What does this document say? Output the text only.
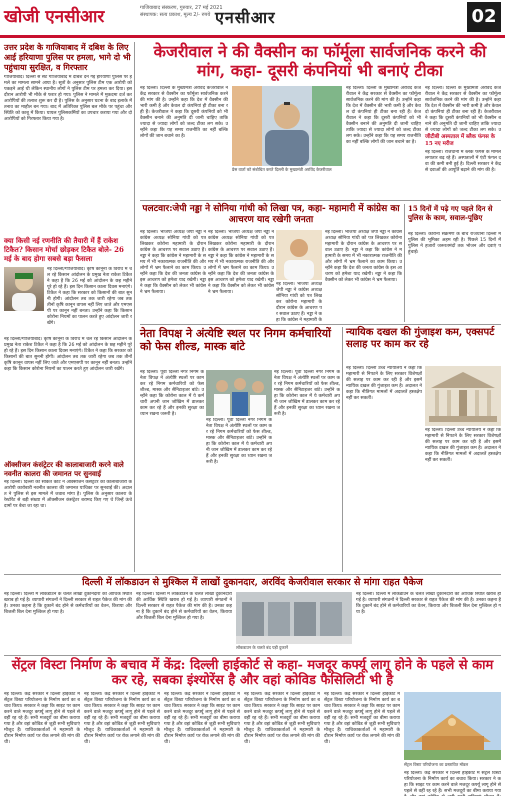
खोजी एनसीआर	गाजियाबाद संस्करण, गुरुवार, 27 मई 2021
संस्थापक: सत्य प्रकाश, मूल्य 2/- रुपये एनसीआर	02
उत्तर प्रदेश के गाजियाबाद में दबिश के लिए आई हरियाणा पुलिस पर हमला, भागे दो भी पहुंचाया सुरक्षित, व गिरफ्तार
गाजियाबाद। दिल्ली से सटे गाजियाबाद में दबिश देने गई हरियाणा पुलिस पर हमले का मामला सामने आया है। सूत्रों के अनुसार पुलिस टीम एक आरोपी को पकड़ने आई थी लेकिन स्थानीय लोगों ने पुलिस टीम पर हमला कर दिया। इस दौरान आरोपी भी मौके से फरार हो गया। पुलिस ने मामले में मुकदमा दर्ज कर आरोपियों की तलाश शुरू कर दी है। पुलिस के अनुसार घटना के बाद इलाके में तनाव का माहौल बन गया। बाद में अतिरिक्त पुलिस बल मौके पर पहुंचा और स्थिति को काबू में किया। घायल पुलिसकर्मियों का उपचार कराया गया और दो आरोपियों को गिरफ्तार किया गया है।
क्या किसी नई रणनीति की तैयारी में हैं राकेश टिकैत? किसान मोर्चा छोड़कर टिकैत बोले- 26 मई के बाद होगा सबसे बड़ा फैसला
नई दिल्ली/गाजियाबाद। कृषि कानूनों के विरोध में चल रहे किसान आंदोलन के प्रमुख नेता राकेश टिकैत ने कहा है कि 26 मई को आंदोलन के छह महीने पूरे हो रहे हैं। इस दिन किसान काला दिवस मनाएंगे। टिकैत ने कहा कि सरकार को किसानों की बात सुननी होगी। आंदोलन तब तक जारी रहेगा जब तक तीनों कृषि कानून वापस नहीं लिए जाते और एमएसपी पर कानून नहीं बनता। उन्होंने कहा कि किसान कोरोना नियमों का पालन करते हुए आंदोलन जारी रखेंगे।
नई दिल्ली/गाजियाबाद। कृषि कानूनों के विरोध में चल रहे किसान आंदोलन के प्रमुख नेता राकेश टिकैत ने कहा है कि 26 मई को आंदोलन के छह महीने पूरे हो रहे हैं। इस दिन किसान काला दिवस मनाएंगे। टिकैत ने कहा कि सरकार को किसानों की बात सुननी होगी। आंदोलन तब तक जारी रहेगा जब तक तीनों कृषि कानून वापस नहीं लिए जाते और एमएसपी पर कानून नहीं बनता। उन्होंने कहा कि किसान कोरोना नियमों का पालन करते हुए आंदोलन जारी रखेंगे।
ऑक्सीजन कंसंट्रेटर की कालाबाजारी करने वाले नवनीत कालरा की जमानत पर सुनवाई
नई दिल्ली। दिल्ली की साकेत कोर्ट ने ऑक्सीजन कंसंट्रेटर की कालाबाजारी के आरोपी कारोबारी नवनीत कालरा की जमानत याचिका पर सुनवाई की। अदालत ने पुलिस से इस मामले में जवाब मांगा है। पुलिस के अनुसार कालरा के रेस्टोरेंट से बड़ी संख्या में ऑक्सीजन कंसंट्रेटर बरामद किए गए थे जिन्हें ऊंचे दामों पर बेचा जा रहा था।
केजरीवाल ने की वैक्सीन का फॉर्मूला सार्वजनिक करने की मांग, कहा- दूसरी कंपनियां भी बनाएं टीका
नई दिल्ली। दिल्ली के मुख्यमंत्री अरविंद केजरीवाल ने केंद्र सरकार से वैक्सीन का फॉर्मूला सार्वजनिक करने की मांग की है। उन्होंने कहा कि देश में वैक्सीन की भारी कमी है और केवल दो कंपनियां ही टीका बना रही हैं। केजरीवाल ने कहा कि दूसरी कंपनियों को भी वैक्सीन बनाने की अनुमति दी जानी चाहिए ताकि ज्यादा से ज्यादा लोगों को जल्द टीका लग सके। उन्होंने कहा कि यह समय राजनीति का नहीं बल्कि लोगों की जान बचाने का है।
प्रेस वार्ता को संबोधित करते दिल्ली के मुख्यमंत्री अरविंद केजरीवाल
नई दिल्ली। दिल्ली के मुख्यमंत्री अरविंद केजरीवाल ने केंद्र सरकार से वैक्सीन का फॉर्मूला सार्वजनिक करने की मांग की है। उन्होंने कहा कि देश में वैक्सीन की भारी कमी है और केवल दो कंपनियां ही टीका बना रही हैं। केजरीवाल ने कहा कि दूसरी कंपनियों को भी वैक्सीन बनाने की अनुमति दी जानी चाहिए ताकि ज्यादा से ज्यादा लोगों को जल्द टीका लग सके। उन्होंने कहा कि यह समय राजनीति का नहीं बल्कि लोगों की जान बचाने का है।
नई दिल्ली। दिल्ली के मुख्यमंत्री अरविंद केजरीवाल ने केंद्र सरकार से वैक्सीन का फॉर्मूला सार्वजनिक करने की मांग की है। उन्होंने कहा कि देश में वैक्सीन की भारी कमी है और केवल दो कंपनियां ही टीका बना रही हैं। केजरीवाल ने कहा कि दूसरी कंपनियों को भी वैक्सीन बनाने की अनुमति दी जानी चाहिए ताकि ज्यादा से ज्यादा लोगों को जल्द टीका लग सके। उ
जीटीबी अस्पताल में ब्लैक फंगस के 15 नए मरीज
नई दिल्ली। राजधानी में ब्लैक फंगस के मामले लगातार बढ़ रहे हैं। अस्पतालों में एंटी फंगल दवा की कमी बनी हुई है। दिल्ली सरकार ने केंद्र से दवाओं की आपूर्ति बढ़ाने की मांग की है।
पलटवार:जेपी नड्डा ने सोनिया गांधी को लिखा पत्र, कहा- महामारी में कांग्रेस का आचरण याद रखेगी जनता
नई दिल्ली। भाजपा अध्यक्ष जेपी नड्डा ने कांग्रेस अध्यक्ष सोनिया गांधी को पत्र लिखकर कोरोना महामारी के दौरान कांग्रेस के आचरण पर सवाल उठाए हैं। नड्डा ने कहा कि कांग्रेस ने महामारी के समय में भी नकारात्मक राजनीति की और लोगों में भ्रम फैलाने का काम किया। उन्होंने कहा कि देश की जनता कांग्रेस के इस आचरण को हमेशा याद रखेगी। नड्डा ने कहा कि वैक्सीन को लेकर भी कांग्रेस ने भ्रम फैलाया।
नई दिल्ली। भाजपा अध्यक्ष जेपी नड्डा ने कांग्रेस अध्यक्ष सोनिया गांधी को पत्र लिखकर कोरोना महामारी के दौरान कांग्रेस के आचरण पर सवाल उठाए हैं। नड्डा ने कहा कि कांग्रेस ने महामारी के समय में भी नकारात्मक राजनीति की और लोगों में भ्रम फैलाने का काम किया। उन्होंने कहा कि देश की जनता कांग्रेस के इस आचरण को हमेशा याद रखेगी। नड्डा ने कहा कि वैक्सीन को लेकर भी कांग्रेस ने भ्रम फैलाया।
नई दिल्ली। भाजपा अध्यक्ष जेपी नड्डा ने कांग्रेस अध्यक्ष सोनिया गांधी को पत्र लिखकर कोरोना महामारी के दौरान कांग्रेस के आचरण पर सवाल उठाए हैं। नड्डा ने कहा कि कांग्रेस ने महामारी के
नई दिल्ली। भाजपा अध्यक्ष जेपी नड्डा ने कांग्रेस अध्यक्ष सोनिया गांधी को पत्र लिखकर कोरोना महामारी के दौरान कांग्रेस के आचरण पर सवाल उठाए हैं। नड्डा ने कहा कि कांग्रेस ने महामारी के समय में भी नकारात्मक राजनीति की और लोगों में भ्रम फैलाने का काम किया। उन्होंने कहा कि देश की जनता कांग्रेस के इस आचरण को हमेशा याद रखेगी। नड्डा ने कहा कि वैक्सीन को लेकर भी कांग्रेस ने भ्रम फैलाया।
15 दिनों में पढ़े गए पहले दिन से पुलिस के काम, सवाल-पूछिए
नई दिल्ली। कोरोना संक्रमण के बीच राजधानी दिल्ली में पुलिस की भूमिका अहम रही है। पिछले 15 दिनों में पुलिस ने हजारों जरूरतमंदों तक भोजन और दवाएं पहुंचाईं।
नेता विपक्ष ने अंत्येष्टि स्थल पर निगम कर्मचारियों को फेस शील्ड, मास्क बांटे
नई दिल्ली। पूर्वी दिल्ली नगर निगम के नेता विपक्ष ने अंत्येष्टि स्थलों पर काम कर रहे निगम कर्मचारियों को फेस शील्ड, मास्क और सैनिटाइजर बांटे। उन्होंने कहा कि कोरोना काल में ये कर्मचारी अपनी जान जोखिम में डालकर काम कर रहे हैं और इनकी सुरक्षा का ध्यान रखना जरूरी है।
नई दिल्ली। पूर्वी दिल्ली नगर निगम के नेता विपक्ष ने अंत्येष्टि स्थलों पर काम कर रहे निगम कर्मचारियों को फेस शील्ड, मास्क और सैनिटाइजर बांटे। उन्होंने कहा कि कोरोना काल में ये कर्मचारी अपनी जान जोखिम में डालकर काम कर रहे हैं और इनकी सुरक्षा का ध्यान रखना जरूरी है।
नई दिल्ली। पूर्वी दिल्ली नगर निगम के नेता विपक्ष ने अंत्येष्टि स्थलों पर काम कर रहे निगम कर्मचारियों को फेस शील्ड, मास्क और सैनिटाइजर बांटे। उन्होंने कहा कि कोरोना काल में ये कर्मचारी अपनी जान जोखिम में डालकर काम कर रहे हैं और इनकी सुरक्षा का ध्यान रखना जरूरी है।
न्यायिक दखल की गुंजाइश कम, एक्सपर्ट सलाह पर काम कर रहे
नई दिल्ली। दिल्ली उच्च न्यायालय ने कहा कि महामारी से निपटने के लिए सरकार विशेषज्ञों की सलाह पर काम कर रही है और इसमें न्यायिक दखल की गुंजाइश कम है। अदालत ने कहा कि नीतिगत मामलों में अदालतें हस्तक्षेप नहीं कर सकतीं।
नई दिल्ली। दिल्ली उच्च न्यायालय ने कहा कि महामारी से निपटने के लिए सरकार विशेषज्ञों की सलाह पर काम कर रही है और इसमें न्यायिक दखल की गुंजाइश कम है। अदालत ने कहा कि नीतिगत मामलों में अदालतें हस्तक्षेप नहीं कर सकतीं।
दिल्ली में लॉकडाउन से मुश्किल में लाखों दुकानदार, अरविंद केजरीवाल सरकार से मांगा राहत पैकेज
नई दिल्ली। दिल्ली में लॉकडाउन के चलते लाखों दुकानदारों की आर्थिक स्थिति खराब हो गई है। व्यापारी संगठनों ने दिल्ली सरकार से राहत पैकेज की मांग की है। उनका कहना है कि दुकानें बंद होने से कर्मचारियों का वेतन, किराया और बिजली बिल देना मुश्किल हो गया है।
नई दिल्ली। दिल्ली में लॉकडाउन के चलते लाखों दुकानदारों की आर्थिक स्थिति खराब हो गई है। व्यापारी संगठनों ने दिल्ली सरकार से राहत पैकेज की मांग की है। उनका कहना है कि दुकानें बंद होने से कर्मचारियों का वेतन, किराया और बिजली बिल देना मुश्किल हो गया है।
लॉकडाउन के चलते बंद पड़ी दुकानें
नई दिल्ली। दिल्ली में लॉकडाउन के चलते लाखों दुकानदारों की आर्थिक स्थिति खराब हो गई है। व्यापारी संगठनों ने दिल्ली सरकार से राहत पैकेज की मांग की है। उनका कहना है कि दुकानें बंद होने से कर्मचारियों का वेतन, किराया और बिजली बिल देना मुश्किल हो गया है।
सेंट्रल विस्टा निर्माण के बचाव में केंद्र: दिल्ली हाईकोर्ट से कहा- मजदूर कर्फ्यू लागू होने के पहले से काम कर रहे, सबका इंश्योरेंस है और वहां कोविड फैसिलिटी भी है
नई दिल्ली। केंद्र सरकार ने दिल्ली हाईकोर्ट में सेंट्रल विस्टा परियोजना के निर्माण कार्य का बचाव किया। सरकार ने कहा कि साइट पर काम करने वाले मजदूर कर्फ्यू लागू होने से पहले से वहीं रह रहे हैं। सभी मजदूरों का बीमा कराया गया है और वहां कोविड से जुड़ी सभी सुविधाएं मौजूद हैं। याचिकाकर्ताओं ने महामारी के दौरान निर्माण कार्य पर रोक लगाने की मांग की थी।
नई दिल्ली। केंद्र सरकार ने दिल्ली हाईकोर्ट में सेंट्रल विस्टा परियोजना के निर्माण कार्य का बचाव किया। सरकार ने कहा कि साइट पर काम करने वाले मजदूर कर्फ्यू लागू होने से पहले से वहीं रह रहे हैं। सभी मजदूरों का बीमा कराया गया है और वहां कोविड से जुड़ी सभी सुविधाएं मौजूद हैं। याचिकाकर्ताओं ने महामारी के दौरान निर्माण कार्य पर रोक लगाने की मांग की थी।
नई दिल्ली। केंद्र सरकार ने दिल्ली हाईकोर्ट में सेंट्रल विस्टा परियोजना के निर्माण कार्य का बचाव किया। सरकार ने कहा कि साइट पर काम करने वाले मजदूर कर्फ्यू लागू होने से पहले से वहीं रह रहे हैं। सभी मजदूरों का बीमा कराया गया है और वहां कोविड से जुड़ी सभी सुविधाएं मौजूद हैं। याचिकाकर्ताओं ने महामारी के दौरान निर्माण कार्य पर रोक लगाने की मांग की थी।
नई दिल्ली। केंद्र सरकार ने दिल्ली हाईकोर्ट में सेंट्रल विस्टा परियोजना के निर्माण कार्य का बचाव किया। सरकार ने कहा कि साइट पर काम करने वाले मजदूर कर्फ्यू लागू होने से पहले से वहीं रह रहे हैं। सभी मजदूरों का बीमा कराया गया है और वहां कोविड से जुड़ी सभी सुविधाएं मौजूद हैं। याचिकाकर्ताओं ने महामारी के दौरान निर्माण कार्य पर रोक लगाने की मांग की थी।
नई दिल्ली। केंद्र सरकार ने दिल्ली हाईकोर्ट में सेंट्रल विस्टा परियोजना के निर्माण कार्य का बचाव किया। सरकार ने कहा कि साइट पर काम करने वाले मजदूर कर्फ्यू लागू होने से पहले से वहीं रह रहे हैं। सभी मजदूरों का बीमा कराया गया है और वहां कोविड से जुड़ी सभी सुविधाएं मौजूद हैं। याचिकाकर्ताओं ने महामारी के दौरान निर्माण कार्य पर रोक लगाने की मांग की थी।
सेंट्रल विस्टा परियोजना का प्रस्तावित मॉडल
नई दिल्ली। केंद्र सरकार ने दिल्ली हाईकोर्ट में सेंट्रल विस्टा परियोजना के निर्माण कार्य का बचाव किया। सरकार ने कहा कि साइट पर काम करने वाले मजदूर कर्फ्यू लागू होने से पहले से वहीं रह रहे हैं। सभी मजदूरों का बीमा कराया गया
